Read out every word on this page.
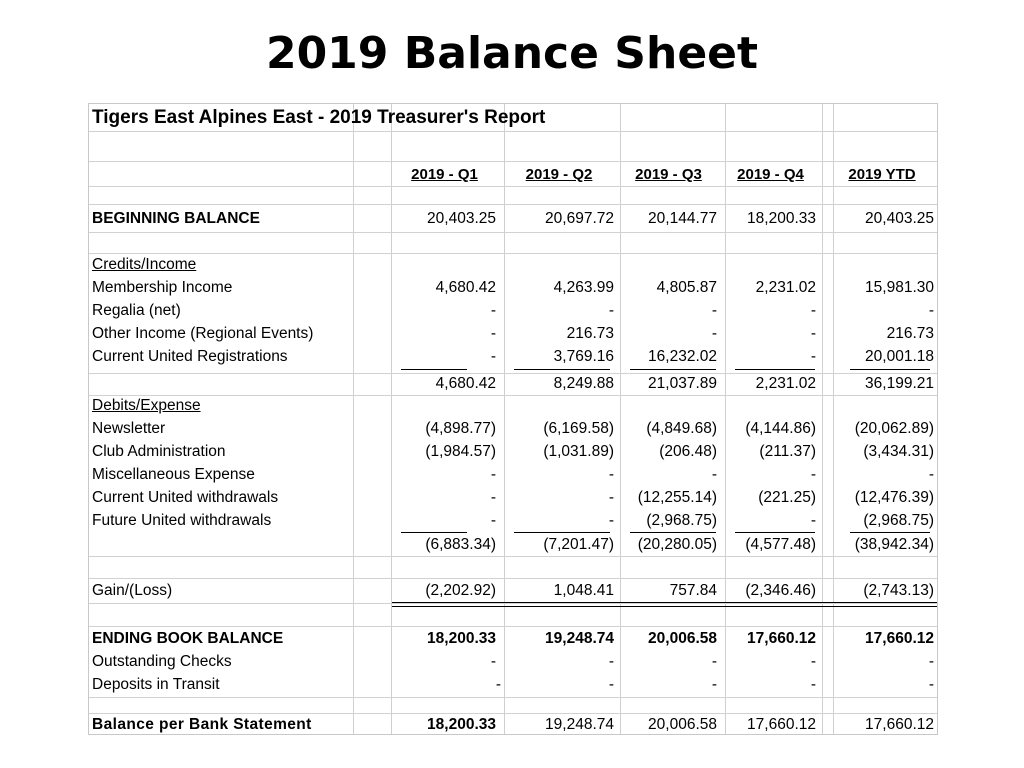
2019 Balance Sheet
Tigers East Alpines East - 2019 Treasurer's Report
2019 - Q1	2019 - Q2	2019 - Q3	2019 - Q4	2019 YTD
BEGINNING BALANCE	20,403.25	20,697.72	20,144.77	18,200.33	20,403.25
Credits/Income
Membership Income	4,680.42	4,263.99	4,805.87	2,231.02	15,981.30
Regalia (net)	-	-	-	-	-
Other Income (Regional Events)	-	216.73	-	-	216.73
Current United Registrations	-	3,769.16	16,232.02	-	20,001.18
4,680.42	8,249.88	21,037.89	2,231.02	36,199.21
Debits/Expense
Newsletter	(4,898.77)	(6,169.58)	(4,849.68)	(4,144.86)	(20,062.89)
Club Administration	(1,984.57)	(1,031.89)	(206.48)	(211.37)	(3,434.31)
Miscellaneous Expense	-	-	-	-	-
Current United withdrawals	-	-	(12,255.14)	(221.25)	(12,476.39)
Future United withdrawals	-	-	(2,968.75)	-	(2,968.75)
(6,883.34)	(7,201.47)	(20,280.05)	(4,577.48)	(38,942.34)
Gain/(Loss)	(2,202.92)	1,048.41	757.84	(2,346.46)	(2,743.13)
ENDING BOOK BALANCE	18,200.33	19,248.74	20,006.58	17,660.12	17,660.12
Outstanding Checks	-	-	-	-	-
Deposits in Transit	-	-	-	-	-
Balance per Bank Statement	18,200.33	19,248.74	20,006.58	17,660.12	17,660.12
